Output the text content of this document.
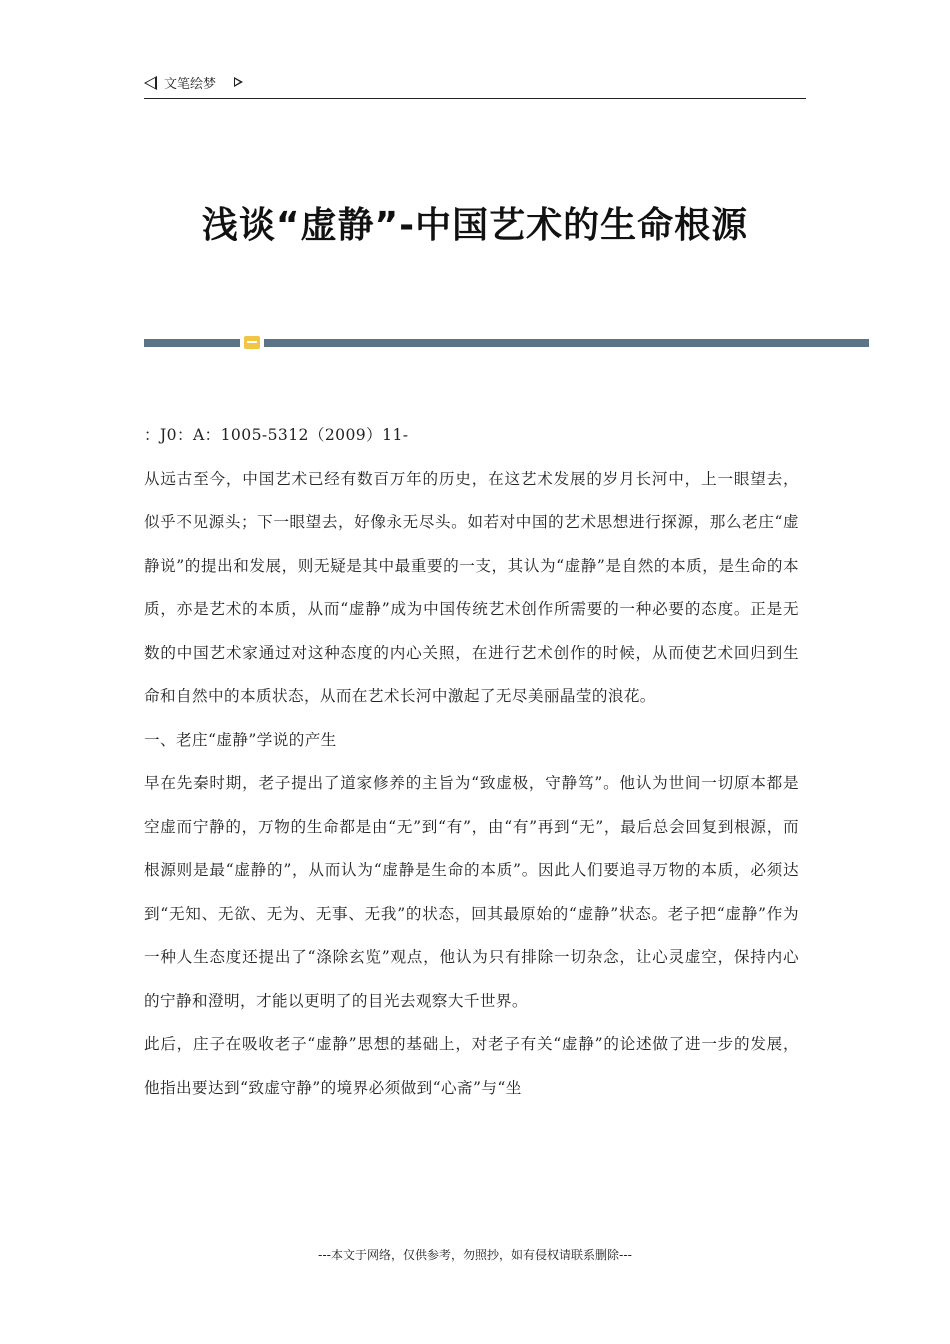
文笔绘梦
浅谈“虚静”-中国艺术的生命根源

：J0：A：1005-5312（2009）11-

从远古至今，中国艺术已经有数百万年的历史，在这艺术发展的岁月长河中，上一眼望去，似乎不见源头；下一眼望去，好像永无尽头。如若对中国的艺术思想进行探源，那么老庄“虚静说”的提出和发展，则无疑是其中最重要的一支，其认为“虚静”是自然的本质，是生命的本质，亦是艺术的本质，从而“虚静”成为中国传统艺术创作所需要的一种必要的态度。正是无数的中国艺术家通过对这种态度的内心关照，在进行艺术创作的时候，从而使艺术回归到生命和自然中的本质状态，从而在艺术长河中激起了无尽美丽晶莹的浪花。

一、老庄“虚静”学说的产生

早在先秦时期，老子提出了道家修养的主旨为“致虚极，守静笃”。他认为世间一切原本都是空虚而宁静的，万物的生命都是由“无”到“有”，由“有”再到“无”，最后总会回复到根源，而根源则是最“虚静的”，从而认为“虚静是生命的本质”。因此人们要追寻万物的本质，必须达到“无知、无欲、无为、无事、无我”的状态，回其最原始的“虚静”状态。老子把“虚静”作为一种人生态度还提出了“涤除玄览”观点，他认为只有排除一切杂念，让心灵虚空，保持内心的宁静和澄明，才能以更明了的目光去观察大千世界。

此后，庄子在吸收老子“虚静”思想的基础上，对老子有关“虚静”的论述做了进一步的发展，他指出要达到“致虚守静”的境界必须做到“心斋”与“坐

---本文于网络，仅供参考，勿照抄，如有侵权请联系删除---
